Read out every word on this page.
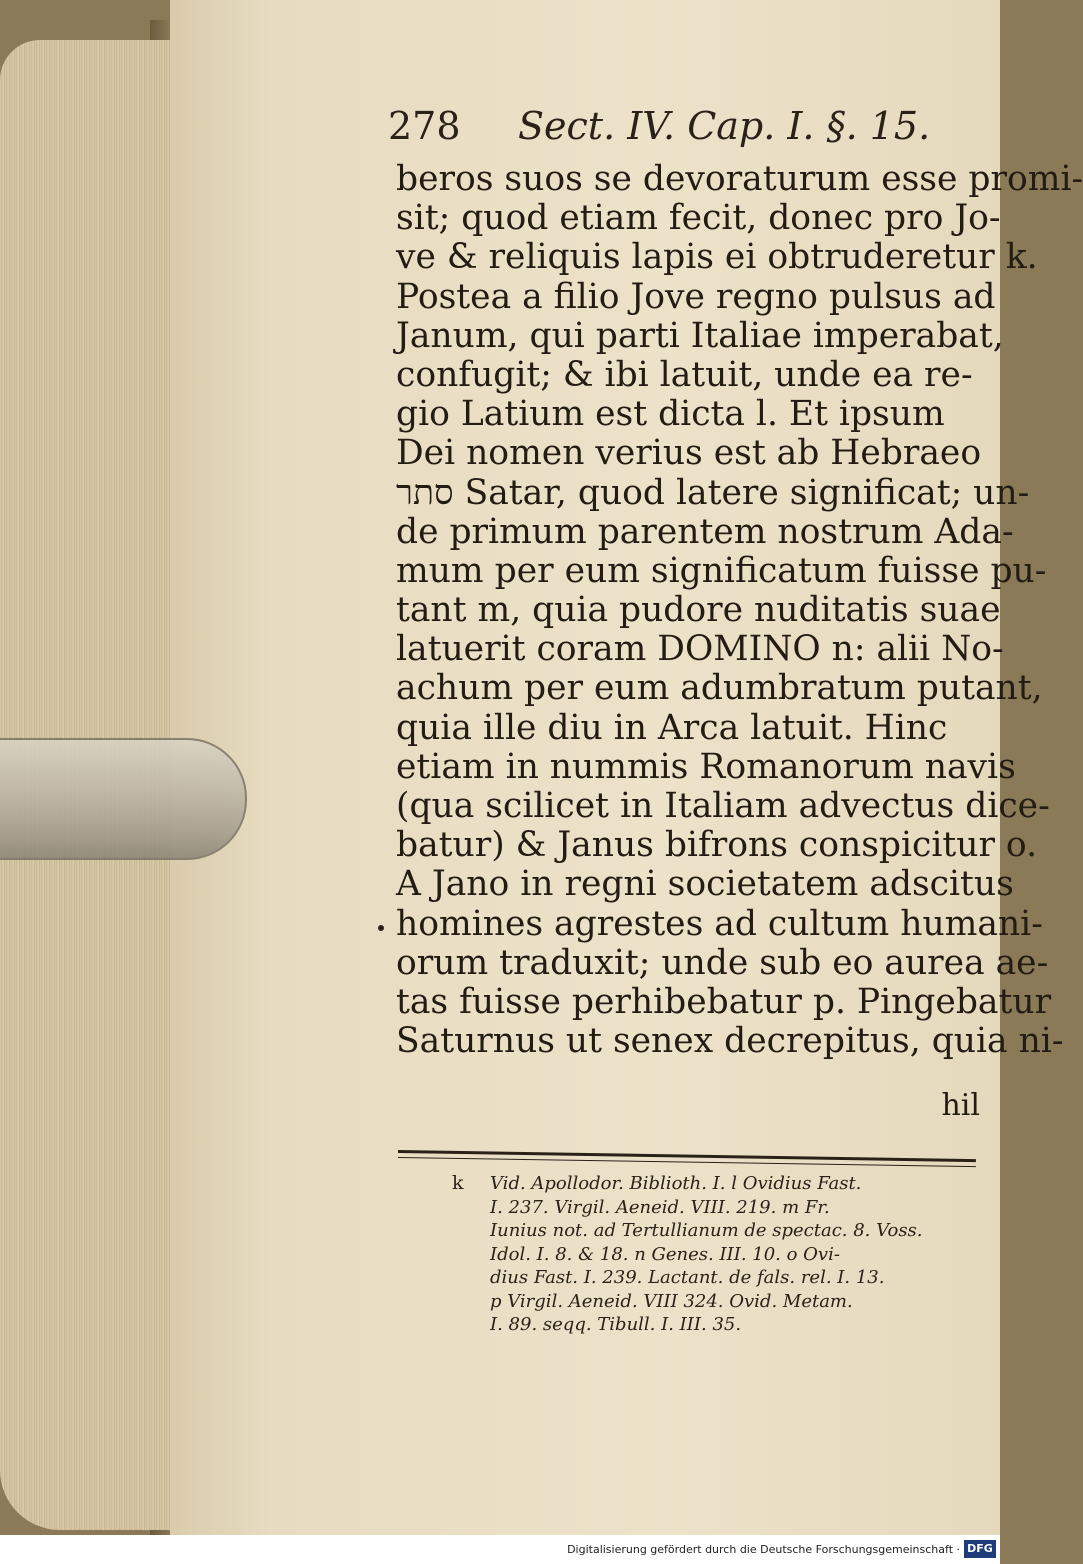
278 Sect. IV. Cap. I. §. 15.
beros suos se devoraturum esse promi-
sit; quod etiam fecit, donec pro Jo-
ve & reliquis lapis ei obtruderetur k.
Postea a filio Jove regno pulsus ad
Janum, qui parti Italiae imperabat,
confugit; & ibi latuit, unde ea re-
gio Latium est dicta l. Et ipsum
Dei nomen verius est ab Hebraeo
סתר Satar, quod latere significat; un-
de primum parentem nostrum Ada-
mum per eum significatum fuisse pu-
tant m, quia pudore nuditatis suae
latuerit coram DOMINO n: alii No-
achum per eum adumbratum putant,
quia ille diu in Arca latuit. Hinc
etiam in nummis Romanorum navis
(qua scilicet in Italiam advectus dice-
batur) & Janus bifrons conspicitur o.
A Jano in regni societatem adscitus
homines agrestes ad cultum humani-
orum traduxit; unde sub eo aurea ae-
tas fuisse perhibebatur p. Pingebatur
Saturnus ut senex decrepitus, quia ni-
hil
k Vid. Apollodor. Biblioth. I. l Ovidius Fast.
I. 237. Virgil. Aeneid. VIII. 219. m Fr.
Iunius not. ad Tertullianum de spectac. 8. Voss.
Idol. I. 8. & 18. n Genes. III. 10. o Ovi-
dius Fast. I. 239. Lactant. de fals. rel. I. 13.
p Virgil. Aeneid. VIII 324. Ovid. Metam.
I. 89. seqq. Tibull. I. III. 35.
Digitalisierung gefördert durch die Deutsche Forschungsgemeinschaft · DFG
